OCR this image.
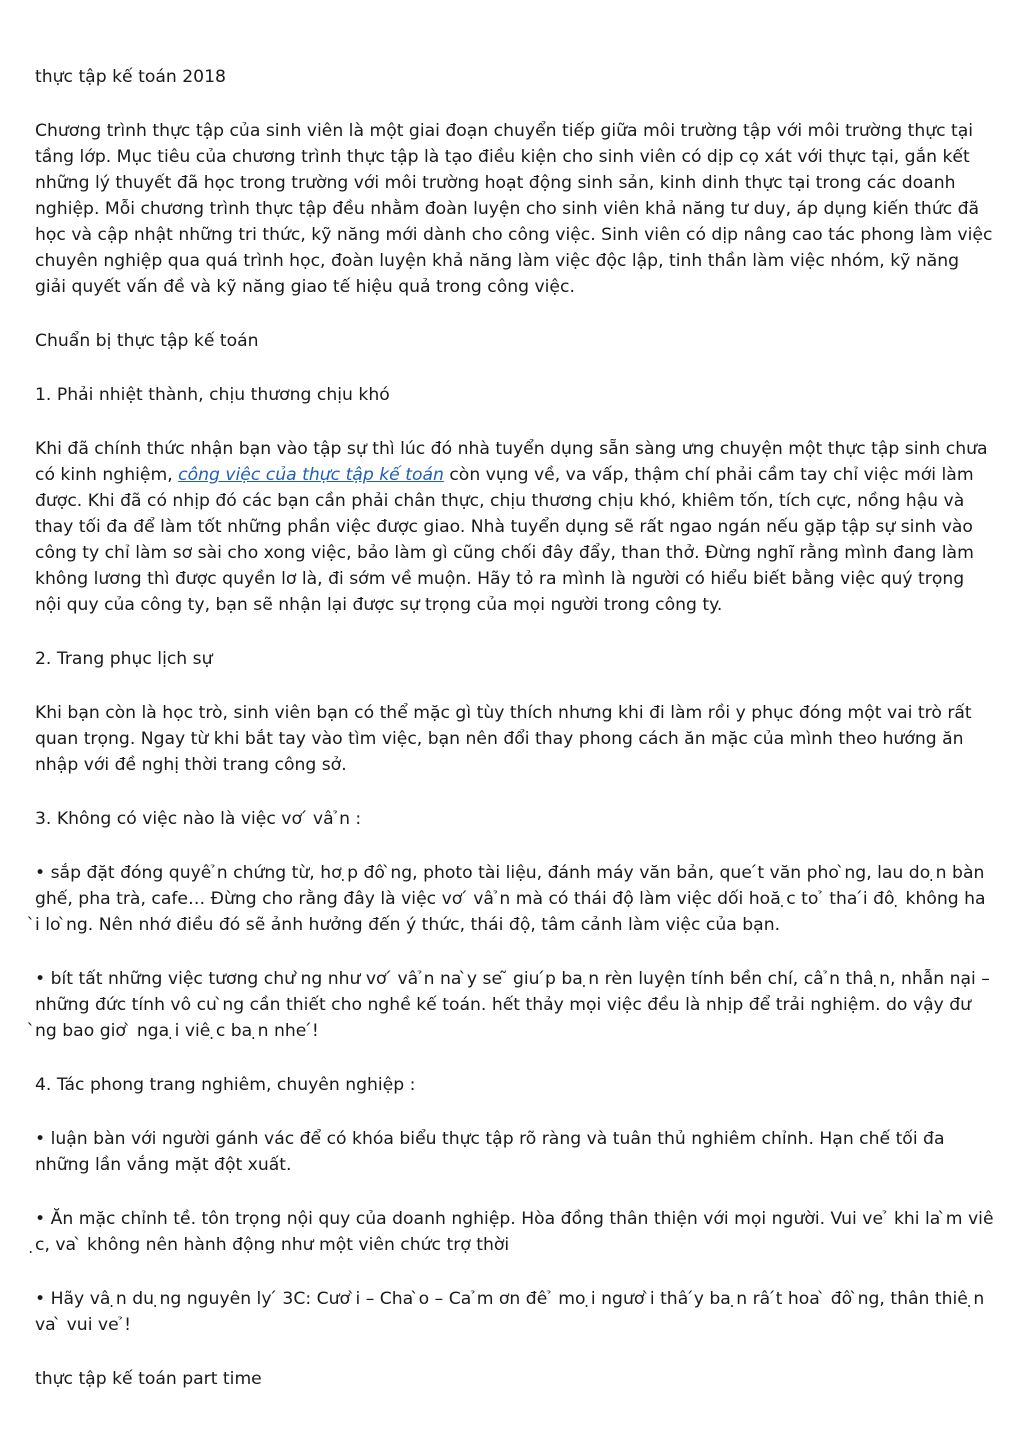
thực tập kế toán 2018

Chương trình thực tập của sinh viên là một giai đoạn chuyển tiếp giữa môi trường tập với môi trường thực tại tầng lớp. Mục tiêu của chương trình thực tập là tạo điều kiện cho sinh viên có dịp cọ xát với thực tại, gắn kết những lý thuyết đã học trong trường với môi trường hoạt động sinh sản, kinh dinh thực tại trong các doanh nghiệp. Mỗi chương trình thực tập đều nhằm đoàn luyện cho sinh viên khả năng tư duy, áp dụng kiến thức đã học và cập nhật những tri thức, kỹ năng mới dành cho công việc. Sinh viên có dịp nâng cao tác phong làm việc chuyên nghiệp qua quá trình học, đoàn luyện khả năng làm việc độc lập, tinh thần làm việc nhóm, kỹ năng giải quyết vấn đề và kỹ năng giao tế hiệu quả trong công việc.

Chuẩn bị thực tập kế toán

1. Phải nhiệt thành, chịu thương chịu khó

Khi đã chính thức nhận bạn vào tập sự thì lúc đó nhà tuyển dụng sẵn sàng ưng chuyện một thực tập sinh chưa có kinh nghiệm, công việc của thực tập kế toán còn vụng về, va vấp, thậm chí phải cầm tay chỉ việc mới làm được. Khi đã có nhịp đó các bạn cần phải chân thực, chịu thương chịu khó, khiêm tốn, tích cực, nồng hậu và thay tối đa để làm tốt những phần việc được giao. Nhà tuyển dụng sẽ rất ngao ngán nếu gặp tập sự sinh vào công ty chỉ làm sơ sài cho xong việc, bảo làm gì cũng chối đây đẩy, than thở. Đừng nghĩ rằng mình đang làm không lương thì được quyền lơ là, đi sớm về muộn. Hãy tỏ ra mình là người có hiểu biết bằng việc quý trọng nội quy của công ty, bạn sẽ nhận lại được sự trọng của mọi người trong công ty.

2. Trang phục lịch sự

Khi bạn còn là học trò, sinh viên bạn có thể mặc gì tùy thích nhưng khi đi làm rồi y phục đóng một vai trò rất quan trọng. Ngay từ khi bắt tay vào tìm việc, bạn nên đổi thay phong cách ăn mặc của mình theo hướng ăn nhập với đề nghị thời trang công sở.

3. Không có việc nào là việc vơ ́ vâ ̉n :

• sắp đặt đóng quyê ̉n chứng từ, hơ ̣p đô ̀ng, photo tài liệu, đánh máy văn bản, que ́t văn pho ̀ng, lau do ̣n bàn ghế, pha trà, cafe… Đừng cho rằng đây là việc vơ ́ vâ ̉n mà có thái độ làm việc dối hoă ̣c to ̉ tha ́i đô ̣ không ha ̀i lo ̀ng. Nên nhớ điều đó sẽ ảnh hưởng đến ý thức, thái độ, tâm cảnh làm việc của bạn.

• bít tất những việc tương chư ̀ng như vơ ́ vâ ̉n na ̀y se ̃ giu ́p ba ̣n rèn luyện tính bền chí, câ ̉n thâ ̣n, nhẫn nại – những đức tính vô cu ̀ng cần thiết cho nghề kế toán. hết thảy mọi việc đều là nhịp để trải nghiệm. do vậy đư ̀ng bao giơ ̀ nga ̣i viê ̣c ba ̣n nhe ́!

4. Tác phong trang nghiêm, chuyên nghiệp :

• luận bàn với người gánh vác để có khóa biểu thực tập rõ ràng và tuân thủ nghiêm chỉnh. Hạn chế tối đa những lần vắng mặt đột xuất.

• Ăn mặc chỉnh tề. tôn trọng nội quy của doanh nghiệp. Hòa đồng thân thiện với mọi người. Vui ve ̉ khi la ̀m viê ̣c, va ̀ không nên hành động như một viên chức trợ thời

• Hãy vâ ̣n du ̣ng nguyên ly ́ 3C: Cươ ̀i – Cha ̀o – Ca ̉m ơn đê ̉ mo ̣i ngươ ̀i thâ ́y ba ̣n râ ́t hoa ̀ đô ̀ng, thân thiê ̣n va ̀ vui ve ̉!

thực tập kế toán part time
